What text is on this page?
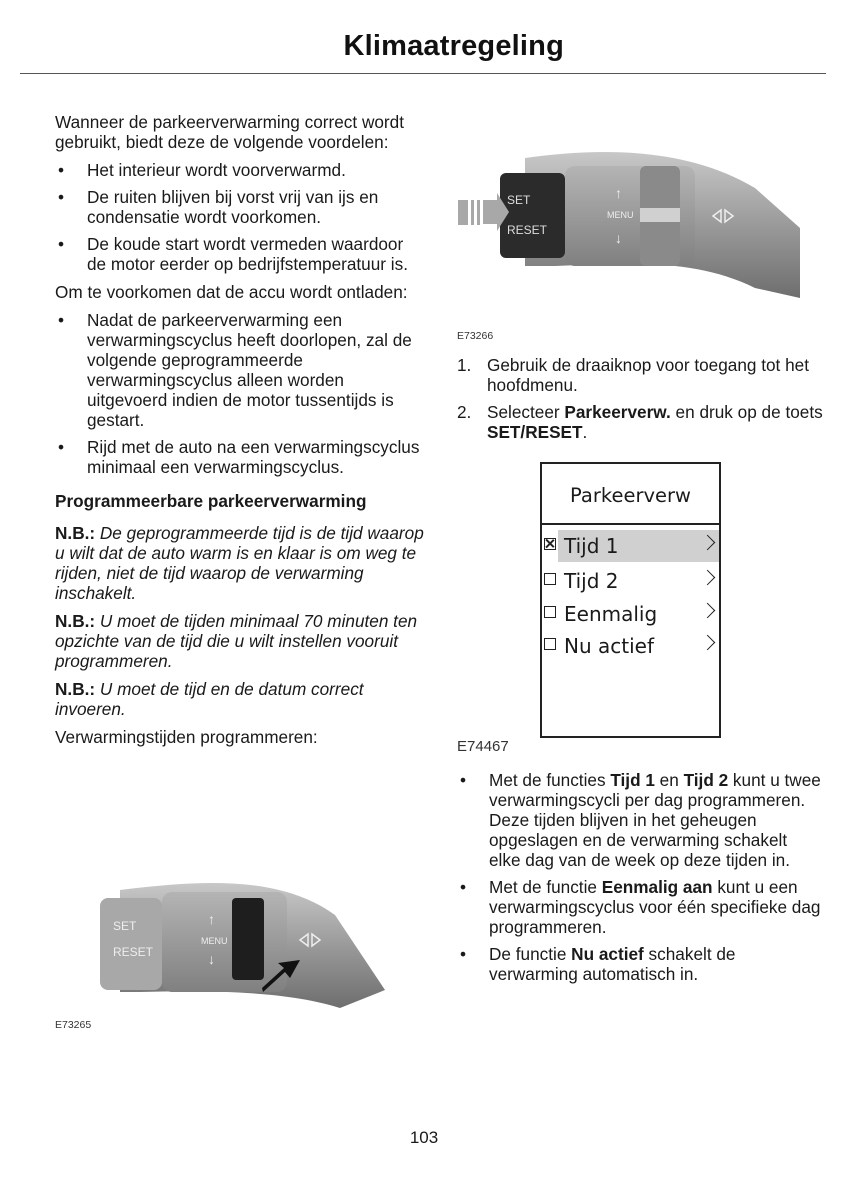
Klimaatregeling

Wanneer de parkeerverwarming correct wordt gebruikt, biedt deze de volgende voordelen:

• Het interieur wordt voorverwarmd.
• De ruiten blijven bij vorst vrij van ijs en condensatie wordt voorkomen.
• De koude start wordt vermeden waardoor de motor eerder op bedrijfstemperatuur is.

Om te voorkomen dat de accu wordt ontladen:

• Nadat de parkeerverwarming een verwarmingscyclus heeft doorlopen, zal de volgende geprogrammeerde verwarmingscyclus alleen worden uitgevoerd indien de motor tussentijds is gestart.
• Rijd met de auto na een verwarmingscyclus minimaal een verwarmingscyclus.

Programmeerbare parkeerverwarming

N.B.: De geprogrammeerde tijd is de tijd waarop u wilt dat de auto warm is en klaar is om weg te rijden, niet de tijd waarop de verwarming inschakelt.

N.B.: U moet de tijden minimaal 70 minuten ten opzichte van de tijd die u wilt instellen vooruit programmeren.

N.B.: U moet de tijd en de datum correct invoeren.

Verwarmingstijden programmeren:

SET
RESET
MENU
↑
↓
E73266
1. Gebruik de draaiknop voor toegang tot het hoofdmenu.
2. Selecteer Parkeerverw. en druk op de toets SET/RESET.
Parkeerverw
Tijd 1
Tijd 2
Eenmalig
Nu actief
E74467
• Met de functies Tijd 1 en Tijd 2 kunt u twee verwarmingscycli per dag programmeren. Deze tijden blijven in het geheugen opgeslagen en de verwarming schakelt elke dag van de week op deze tijden in.
• Met de functie Eenmalig aan kunt u een verwarmingscyclus voor één specifieke dag programmeren.
• De functie Nu actief schakelt de verwarming automatisch in.
SET
RESET
MENU
↑
↓
E73265
103
